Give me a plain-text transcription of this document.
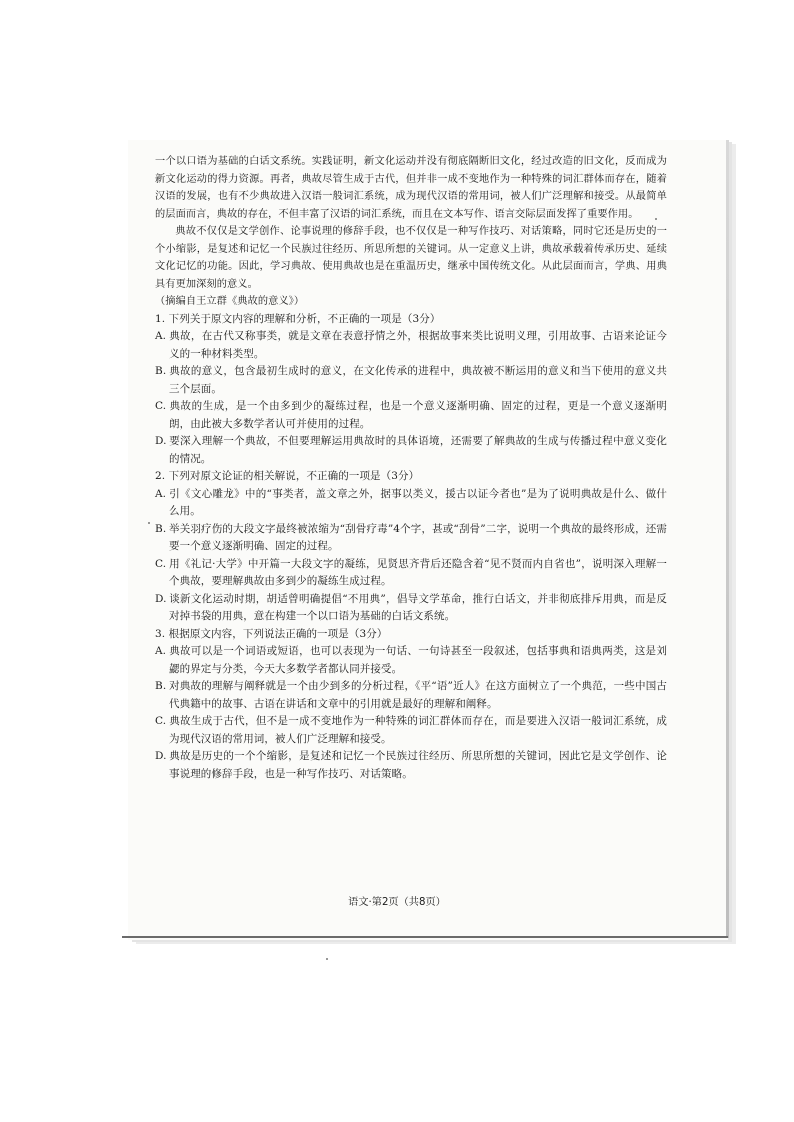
一个以口语为基础的白话文系统。实践证明，新文化运动并没有彻底隔断旧文化，经过改造的旧文化，反而成为新文化运动的得力资源。再者，典故尽管生成于古代，但并非一成不变地作为一种特殊的词汇群体而存在，随着汉语的发展，也有不少典故进入汉语一般词汇系统，成为现代汉语的常用词，被人们广泛理解和接受。从最简单的层面而言，典故的存在，不但丰富了汉语的词汇系统，而且在文本写作、语言交际层面发挥了重要作用。

典故不仅仅是文学创作、论事说理的修辞手段，也不仅仅是一种写作技巧、对话策略，同时它还是历史的一个小缩影，是复述和记忆一个民族过往经历、所思所想的关键词。从一定意义上讲，典故承载着传承历史、延续文化记忆的功能。因此，学习典故、使用典故也是在重温历史，继承中国传统文化。从此层面而言，学典、用典具有更加深刻的意义。

（摘编自王立群《典故的意义》）

1. 下列关于原文内容的理解和分析，不正确的一项是（3分）

A. 典故，在古代又称事类，就是文章在表意抒情之外，根据故事来类比说明义理，引用故事、古语来论证今义的一种材料类型。

B. 典故的意义，包含最初生成时的意义，在文化传承的进程中，典故被不断运用的意义和当下使用的意义共三个层面。

C. 典故的生成，是一个由多到少的凝练过程，也是一个意义逐渐明确、固定的过程，更是一个意义逐渐明朗，由此被大多数学者认可并使用的过程。

D. 要深入理解一个典故，不但要理解运用典故时的具体语境，还需要了解典故的生成与传播过程中意义变化的情况。

2. 下列对原文论证的相关解说，不正确的一项是（3分）

A. 引《文心雕龙》中的“事类者，盖文章之外，据事以类义，援古以证今者也”是为了说明典故是什么、做什么用。

B. 举关羽疗伤的大段文字最终被浓缩为“刮骨疗毒”4个字，甚或“刮骨”二字，说明一个典故的最终形成，还需要一个意义逐渐明确、固定的过程。

C. 用《礼记·大学》中开篇一大段文字的凝练，见贤思齐背后还隐含着“见不贤而内自省也”，说明深入理解一个典故，要理解典故由多到少的凝练生成过程。

D. 谈新文化运动时期，胡适曾明确提倡“不用典”，倡导文学革命，推行白话文，并非彻底排斥用典，而是反对掉书袋的用典，意在构建一个以口语为基础的白话文系统。

3. 根据原文内容，下列说法正确的一项是（3分）

A. 典故可以是一个词语或短语，也可以表现为一句话、一句诗甚至一段叙述，包括事典和语典两类，这是刘勰的界定与分类，今天大多数学者都认同并接受。

B. 对典故的理解与阐释就是一个由少到多的分析过程，《平“语”近人》在这方面树立了一个典范，一些中国古代典籍中的故事、古语在讲话和文章中的引用就是最好的理解和阐释。

C. 典故生成于古代，但不是一成不变地作为一种特殊的词汇群体而存在，而是要进入汉语一般词汇系统，成为现代汉语的常用词，被人们广泛理解和接受。

D. 典故是历史的一个个缩影，是复述和记忆一个民族过往经历、所思所想的关键词，因此它是文学创作、论事说理的修辞手段，也是一种写作技巧、对话策略。

语文·第2页（共8页）
